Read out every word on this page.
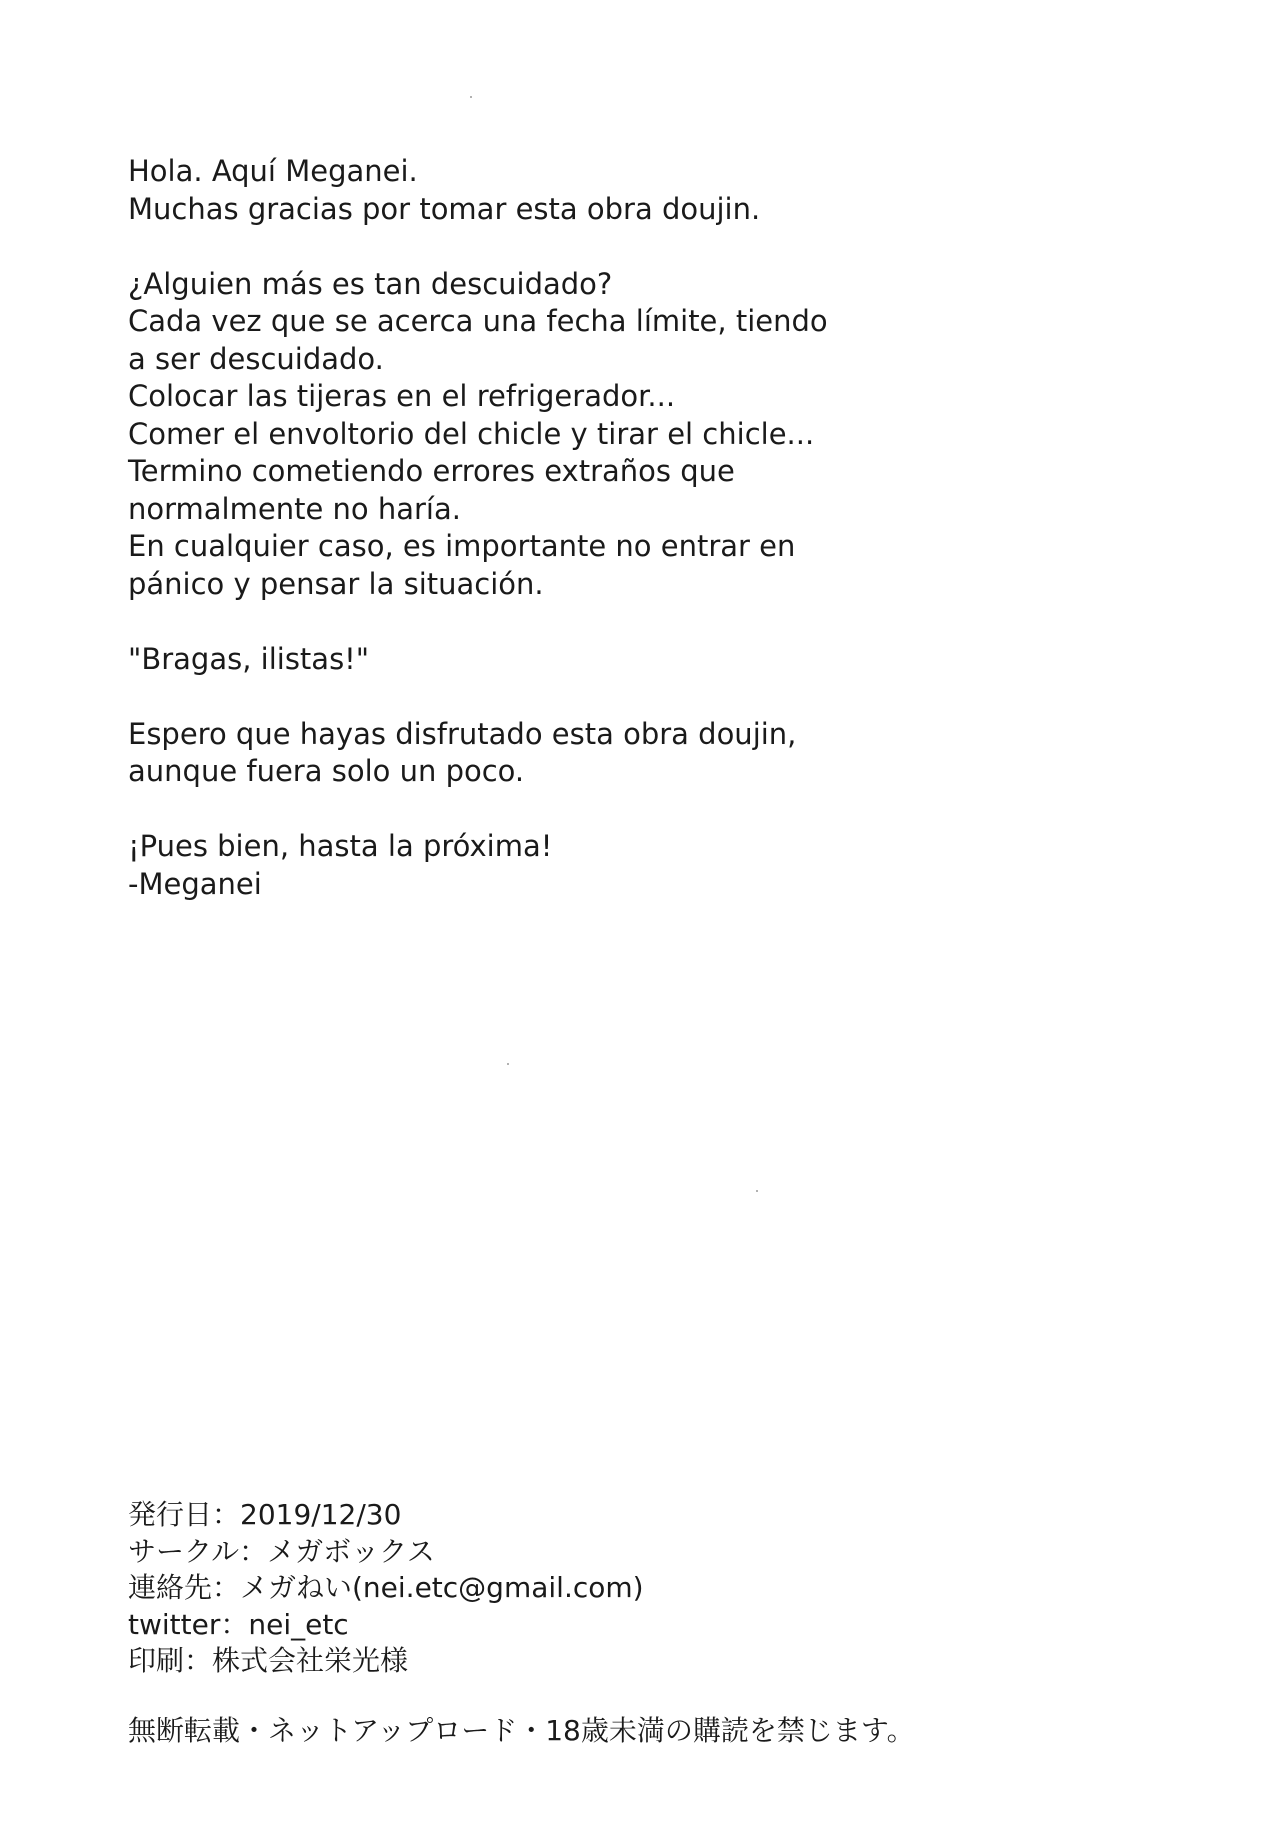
Hola. Aquí Meganei.
Muchas gracias por tomar esta obra doujin.
¿Alguien más es tan descuidado?
Cada vez que se acerca una fecha límite, tiendo
a ser descuidado.
Colocar las tijeras en el refrigerador...
Comer el envoltorio del chicle y tirar el chicle...
Termino cometiendo errores extraños que
normalmente no haría.
En cualquier caso, es importante no entrar en
pánico y pensar la situación.
"Bragas, ilistas!"
Espero que hayas disfrutado esta obra doujin,
aunque fuera solo un poco.
¡Pues bien, hasta la próxima!
-Meganei
発行日：2019/12/30
サークル：メガボックス
連絡先：メガねい(nei.etc@gmail.com)
twitter：nei_etc
印刷：株式会社栄光様
無断転載・ネットアップロード・18歳未満の購読を禁じます。
